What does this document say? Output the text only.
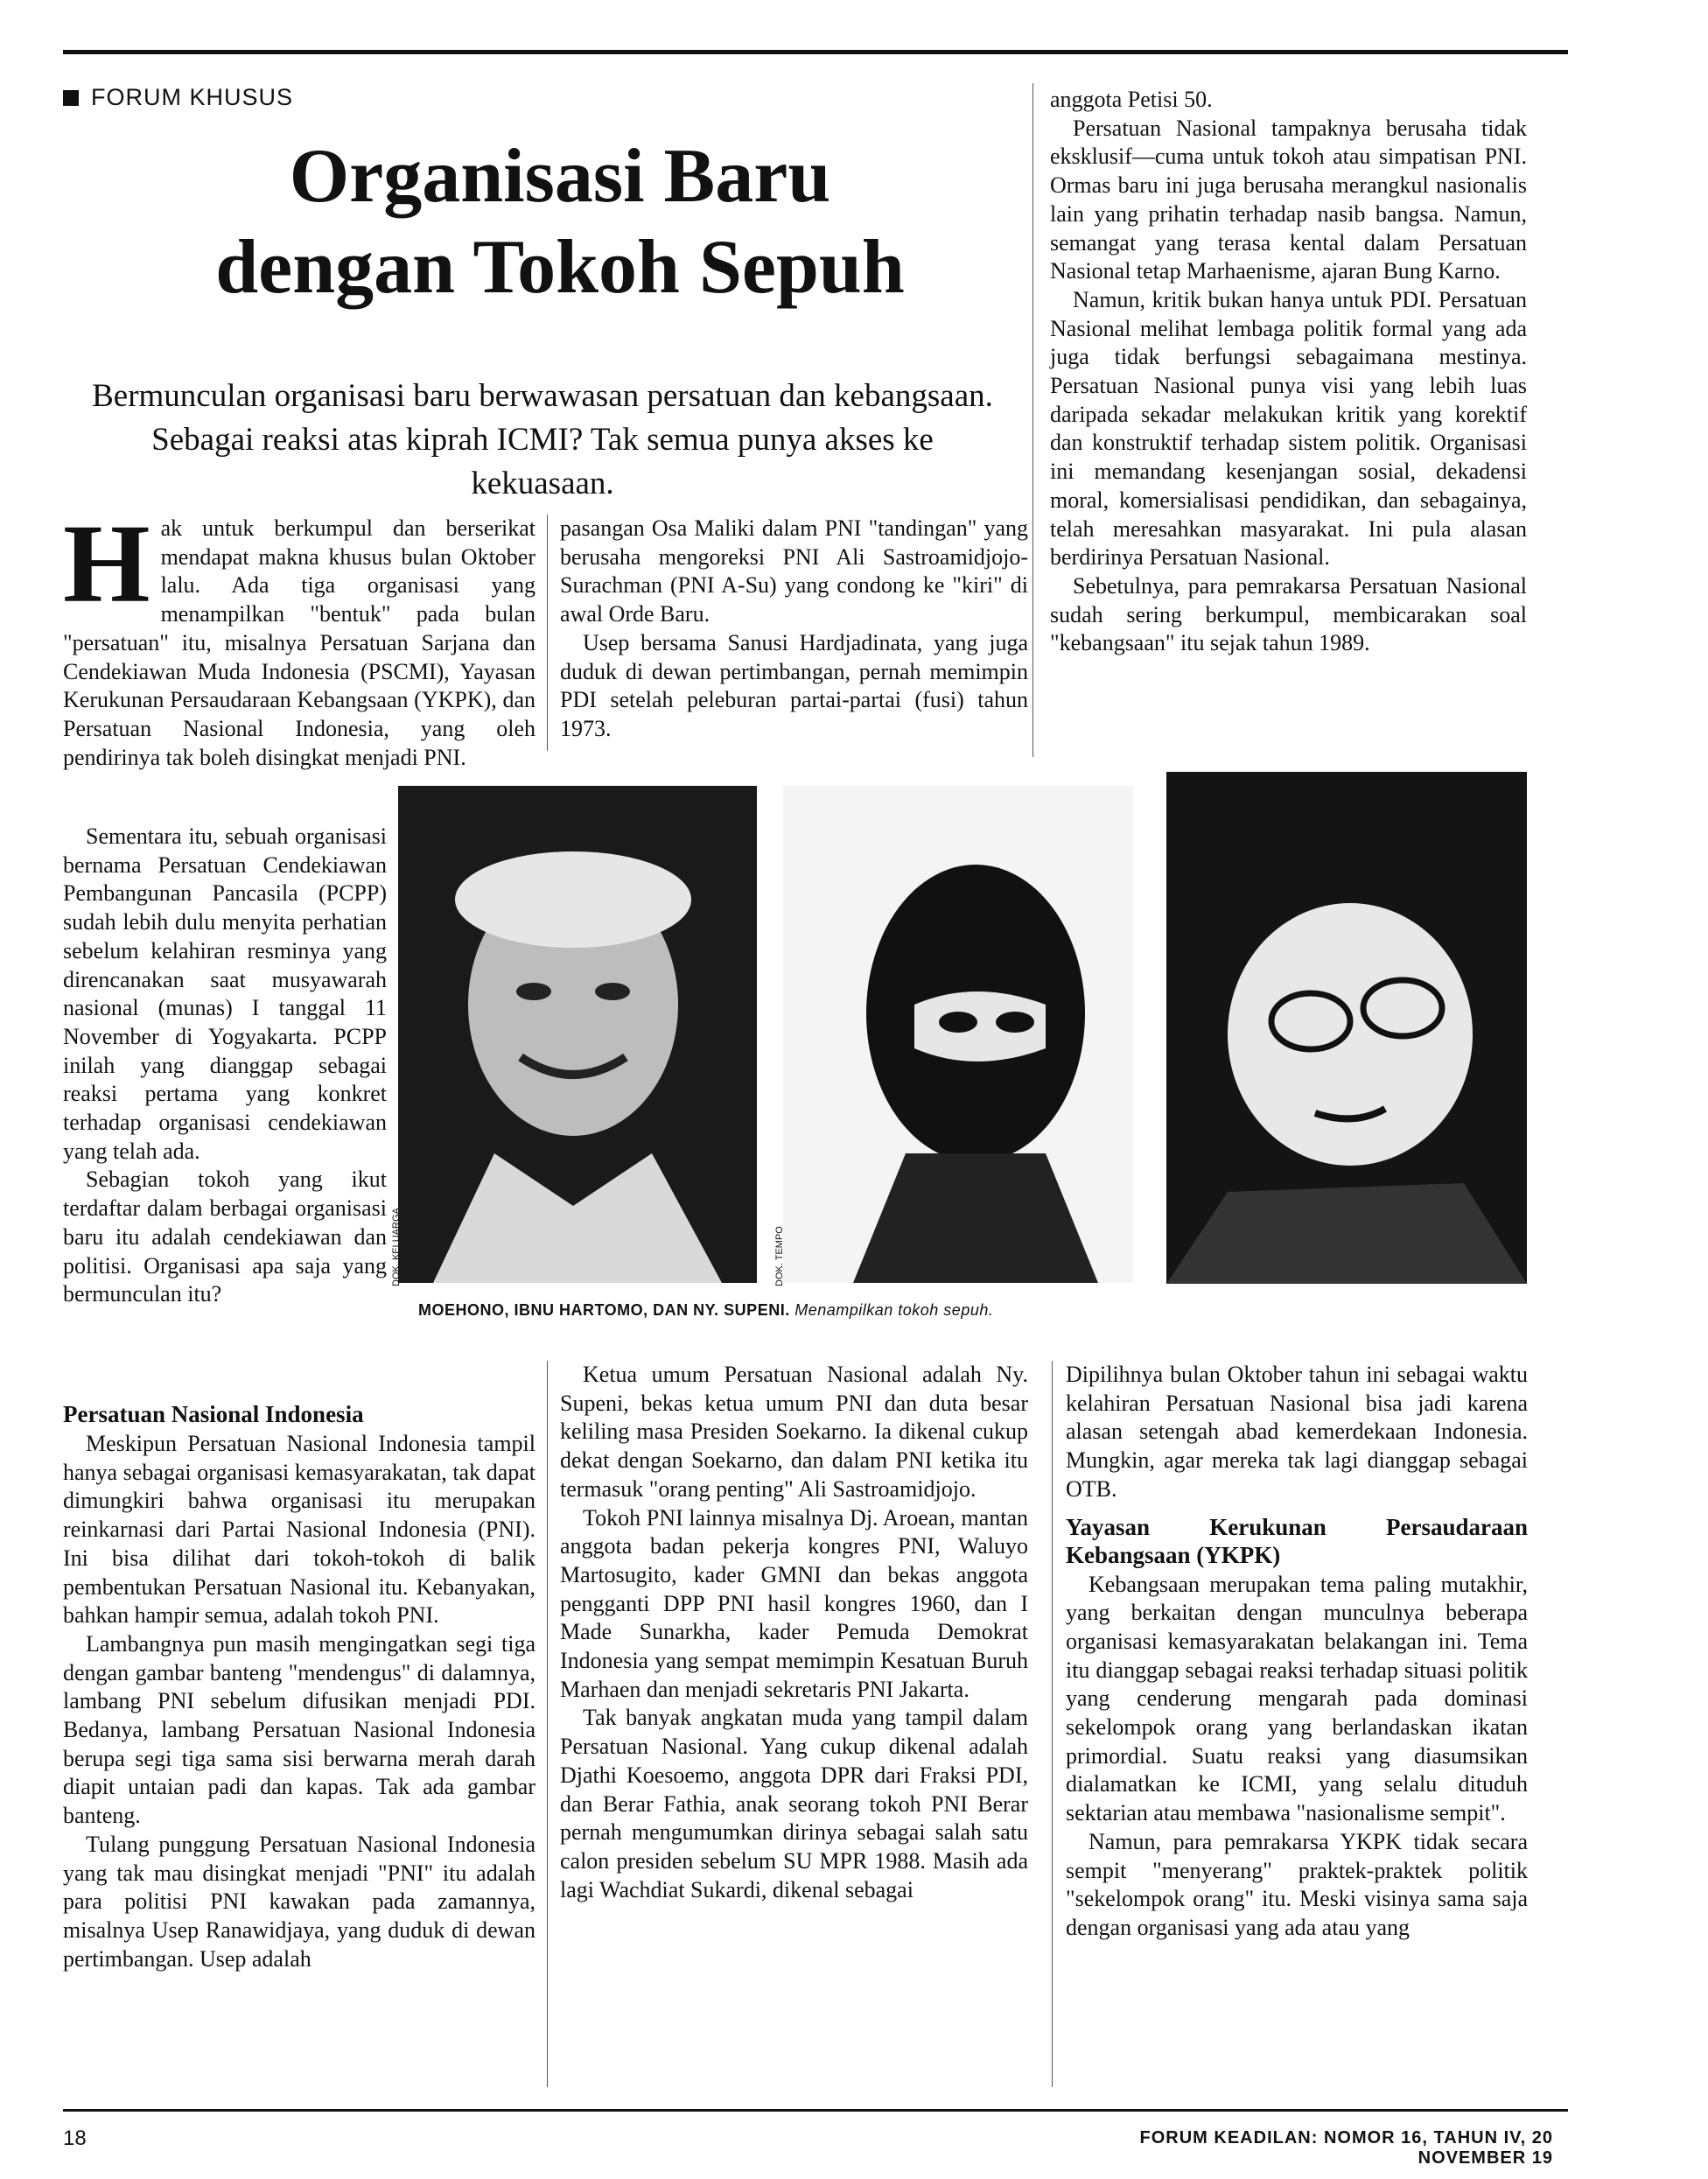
FORUM KHUSUS
Organisasi Baru
dengan Tokoh Sepuh
Bermunculan organisasi baru berwawasan persatuan dan kebangsaan.
Sebagai reaksi atas kiprah ICMI? Tak semua punya akses ke kekuasaan.
H ak untuk berkumpul dan berserikat mendapat makna khusus bulan Oktober lalu. Ada tiga organisasi yang menampilkan "bentuk" pada bulan "persatuan" itu, misalnya Persatuan Sarjana dan Cendekiawan Muda Indonesia (PSCMI), Yayasan Kerukunan Persaudaraan Kebangsaan (YKPK), dan Persatuan Nasional Indonesia, yang oleh pendirinya tak boleh disingkat menjadi PNI.

Sementara itu, sebuah organisasi bernama Persatuan Cendekiawan Pembangunan Pancasila (PCPP) sudah lebih dulu menyita perhatian sebelum kelahiran resminya yang direncanakan saat musyawarah nasional (munas) I tanggal 11 November di Yogyakarta. PCPP inilah yang dianggap sebagai reaksi pertama yang konkret terhadap organisasi cendekiawan yang telah ada.

Sebagian tokoh yang ikut terdaftar dalam berbagai organisasi baru itu adalah cendekiawan dan politisi. Organisasi apa saja yang bermunculan itu?

Persatuan Nasional Indonesia

Meskipun Persatuan Nasional Indonesia tampil hanya sebagai organisasi kemasyarakatan, tak dapat dimungkiri bahwa organisasi itu merupakan reinkarnasi dari Partai Nasional Indonesia (PNI). Ini bisa dilihat dari tokoh-tokoh di balik pembentukan Persatuan Nasional itu. Kebanyakan, bahkan hampir semua, adalah tokoh PNI.

Lambangnya pun masih mengingatkan segi tiga dengan gambar banteng "mendengus" di dalamnya, lambang PNI sebelum difusikan menjadi PDI. Bedanya, lambang Persatuan Nasional Indonesia berupa segi tiga sama sisi berwarna merah darah diapit untaian padi dan kapas. Tak ada gambar banteng.

Tulang punggung Persatuan Nasional Indonesia yang tak mau disingkat menjadi "PNI" itu adalah para politisi PNI kawakan pada zamannya, misalnya Usep Ranawidjaya, yang duduk di dewan pertimbangan. Usep adalah

pasangan Osa Maliki dalam PNI "tandingan" yang berusaha mengoreksi PNI Ali Sastroamidjojo-Surachman (PNI A-Su) yang condong ke "kiri" di awal Orde Baru.

Usep bersama Sanusi Hardjadinata, yang juga duduk di dewan pertimbangan, pernah memimpin PDI setelah peleburan partai-partai (fusi) tahun 1973.

Ketua umum Persatuan Nasional adalah Ny. Supeni, bekas ketua umum PNI dan duta besar keliling masa Presiden Soekarno. Ia dikenal cukup dekat dengan Soekarno, dan dalam PNI ketika itu termasuk "orang penting" Ali Sastroamidjojo.

Tokoh PNI lainnya misalnya Dj. Aroean, mantan anggota badan pekerja kongres PNI, Waluyo Martosugito, kader GMNI dan bekas anggota pengganti DPP PNI hasil kongres 1960, dan I Made Sunarkha, kader Pemuda Demokrat Indonesia yang sempat memimpin Kesatuan Buruh Marhaen dan menjadi sekretaris PNI Jakarta.

Tak banyak angkatan muda yang tampil dalam Persatuan Nasional. Yang cukup dikenal adalah Djathi Koesoemo, anggota DPR dari Fraksi PDI, dan Berar Fathia, anak seorang tokoh PNI Berar pernah mengumumkan dirinya sebagai salah satu calon presiden sebelum SU MPR 1988. Masih ada lagi Wachdiat Sukardi, dikenal sebagai

anggota Petisi 50.

Persatuan Nasional tampaknya berusaha tidak eksklusif—cuma untuk tokoh atau simpatisan PNI. Ormas baru ini juga berusaha merangkul nasionalis lain yang prihatin terhadap nasib bangsa. Namun, semangat yang terasa kental dalam Persatuan Nasional tetap Marhaenisme, ajaran Bung Karno.

Namun, kritik bukan hanya untuk PDI. Persatuan Nasional melihat lembaga politik formal yang ada juga tidak berfungsi sebagaimana mestinya. Persatuan Nasional punya visi yang lebih luas daripada sekadar melakukan kritik yang korektif dan konstruktif terhadap sistem politik. Organisasi ini memandang kesenjangan sosial, dekadensi moral, komersialisasi pendidikan, dan sebagainya, telah meresahkan masyarakat. Ini pula alasan berdirinya Persatuan Nasional.

Sebetulnya, para pemrakarsa Persatuan Nasional sudah sering berkumpul, membicarakan soal "kebangsaan" itu sejak tahun 1989.

Dipilihnya bulan Oktober tahun ini sebagai waktu kelahiran Persatuan Nasional bisa jadi karena alasan setengah abad kemerdekaan Indonesia. Mungkin, agar mereka tak lagi dianggap sebagai OTB.

Yayasan Kerukunan Persaudaraan Kebangsaan (YKPK)

Kebangsaan merupakan tema paling mutakhir, yang berkaitan dengan munculnya beberapa organisasi kemasyarakatan belakangan ini. Tema itu dianggap sebagai reaksi terhadap situasi politik yang cenderung mengarah pada dominasi sekelompok orang yang berlandaskan ikatan primordial. Suatu reaksi yang diasumsikan dialamatkan ke ICMI, yang selalu dituduh sektarian atau membawa "nasionalisme sempit".

Namun, para pemrakarsa YKPK tidak secara sempit "menyerang" praktek-praktek politik "sekelompok orang" itu. Meski visinya sama saja dengan organisasi yang ada atau yang

DOK. KELUARGA	DOK. TEMPO
MOEHONO, IBNU HARTOMO, DAN NY. SUPENI. Menampilkan tokoh sepuh.
18	FORUM KEADILAN: NOMOR 16, TAHUN IV, 20 NOVEMBER 19
